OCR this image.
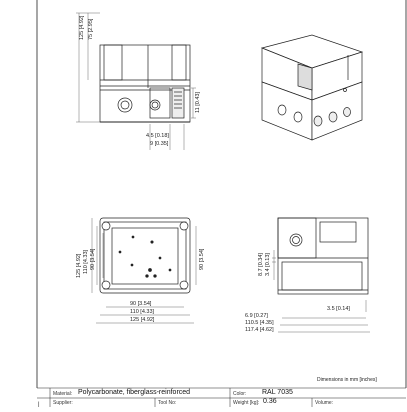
125 [4.92] 75 [2.95]
11 [0.43]
4.5 [0.18]
9 [0.35]
125 [4.92] 110 [4.33] 90 [3.54]	90 [3.54]
90 [3.54]
110 [4.33]
125 [4.92]
8.7 [0.34] 3.4 [0.13]
3.5 [0.14]
6.9 [0.27]
110.5 [4.35]
117.4 [4.62]
Dimensions in mm [inches]
|
Material: Polycarbonate, fiberglass-reinforced	Color: RAL 7035
Supplier:	Tool No:	Weight [kg]: 0.36	Volume:
